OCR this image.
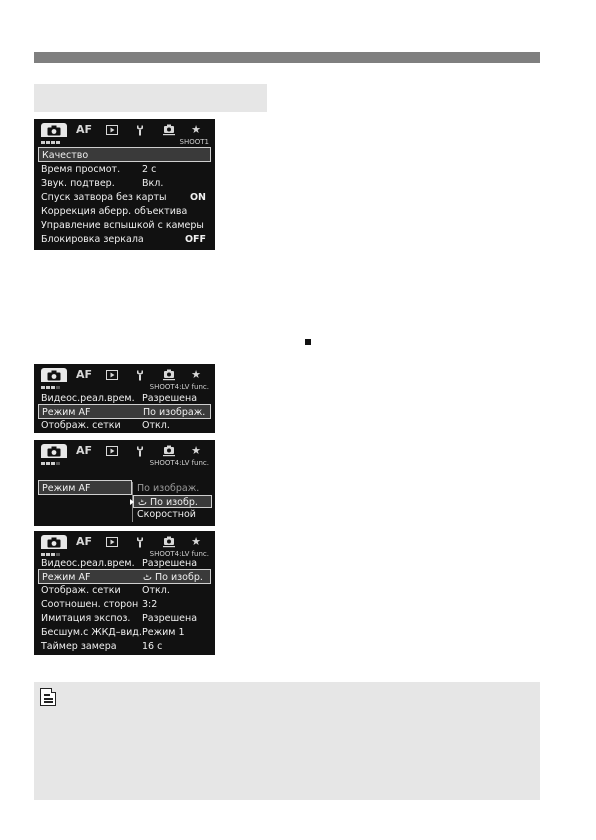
AF	★
SHOOT1
Качество
Время просмот. 2 с
Звук. подтвер.	Вкл.
Спуск затвора без карты ON
Коррекция аберр. объектива
Управление вспышкой с камеры
Блокировка зеркала	OFF
AF	★
SHOOT4:LV func.
Видеос.реал.врем. Разрешена
Режим AF	По изображ.
Отображ. сетки Откл.
AF	★
SHOOT4:LV func.
Режим AF	По изображ.
ٹ По изобр.
Скоростной
AF	★
SHOOT4:LV func.
Видеос.реал.врем. Разрешена
Режим AF	ٹ По изобр.
Отображ. сетки Откл.
Соотношен. сторон 3:2
Имитация экспоз. Разрешена
Бесшум.с ЖКД–вид. Режим 1
Таймер замера	16 с
